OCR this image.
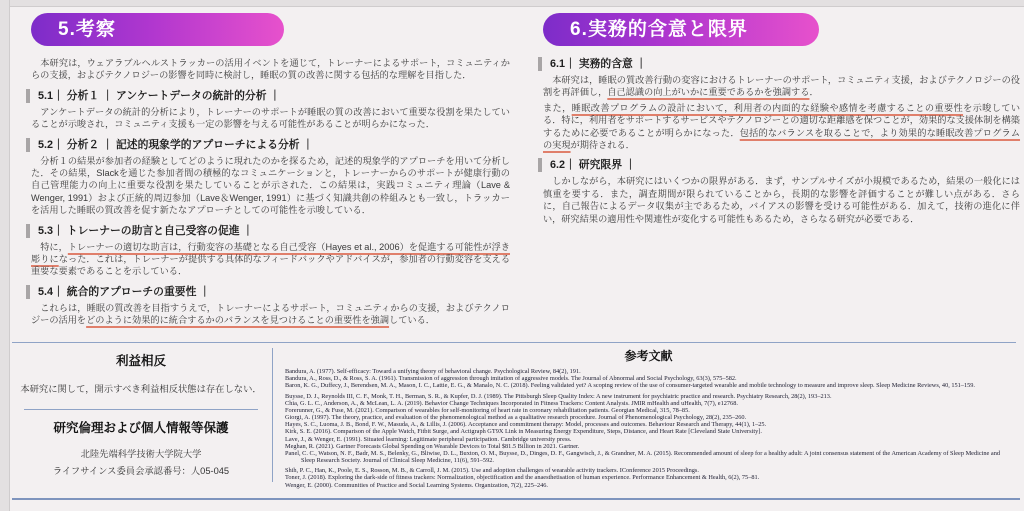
5.考察

　本研究は，ウェアラブルヘルストラッカーの活用イベントを通じて，トレーナーによるサポート，コミュニティからの支援，およびテクノロジーの影響を同時に検討し，睡眠の質の改善に関する包括的な理解を目指した．

5.1｜ 分析１ ｜ アンケートデータの統計的分析 ｜

　アンケートデータの統計的分析により，トレーナーのサポートが睡眠の質の改善において重要な役割を果たしていることが示唆され，コミュニティ支援も一定の影響を与える可能性があることが明らかになった．

5.2｜ 分析２ ｜ 記述的現象学的アプローチによる分析 ｜

　分析１の結果が参加者の経験としてどのように現れたのかを探るため，記述的現象学的アプローチを用いて分析した．その結果，Slackを通じた参加者間の積極的なコミュニケーションと，トレーナーからのサポートが健康行動の自己管理能力の向上に重要な役割を果たしていることが示された．この結果は，実践コミュニティ理論（Lave & Wenger, 1991）および正統的周辺参加（Lave＆Wenger, 1991）に基づく知識共創の枠組みとも一致し，トラッカーを活用した睡眠の質改善を促す新たなアプローチとしての可能性を示唆している．

5.3｜ トレーナーの助言と自己受容の促進 ｜

　特に，トレーナーの適切な助言は，行動変容の基礎となる自己受容（Hayes et al., 2006）を促進する可能性が浮き彫りになった．これは，トレーナーが提供する具体的なフィードバックやアドバイスが，参加者の行動変容を支える重要な要素であることを示している．

5.4｜ 統合的アプローチの重要性 ｜

　これらは，睡眠の質改善を目指すうえで，トレーナーによるサポート，コミュニティからの支援，およびテクノロジーの活用をどのように効果的に統合するかのバランスを見つけることの重要性を強調している．

6.実務的含意と限界
6.1｜ 実務的含意 ｜

　本研究は，睡眠の質改善行動の変容におけるトレーナーのサポート，コミュニティ支援，およびテクノロジーの役割を再評価し，自己認識の向上がいかに重要であるかを強調する．

また，睡眠改善プログラムの設計において，利用者の内面的な経験や感情を考慮することの重要性を示唆している．特に，利用者をサポートするサービスやテクノロジーとの適切な距離感を保つことが，効果的な支援体制を構築するために必要であることが明らかになった．包括的なバランスを取ることで，より効果的な睡眠改善プログラムの実現が期待される．

6.2｜ 研究限界 ｜

　しかしながら，本研究にはいくつかの限界がある．まず，サンプルサイズが小規模であるため，結果の一般化には慎重を要する．また，調査期間が限られていることから，長期的な影響を評価することが難しい点がある．さらに，自己報告によるデータ収集が主であるため，バイアスの影響を受ける可能性がある．加えて，技術の進化に伴い，研究結果の適用性や関連性が変化する可能性もあるため，さらなる研究が必要である．

利益相反

本研究に関して，開示すべき利益相反状態は存在しない．

研究倫理および個人情報等保護

北陸先端科学技術大学院大学

ライフサインス委員会承認番号：人05-045

参考文献
Bandura, A. (1977). Self-efficacy: Toward a unifying theory of behavioral change. Psychological Review, 84(2), 191.
Bandura, A., Ross, D., & Ross, S. A. (1961). Transmission of aggression through imitation of aggressive models. The Journal of Abnormal and Social Psychology, 63(3), 575–582.
Baron, K. G., Duffecy, J., Berendsen, M. A., Mason, I. C., Lattie, E. G., & Manalo, N. C. (2018). Feeling validated yet? A scoping review of the use of consumer-targeted wearable and mobile technology to measure and improve sleep. Sleep Medicine Reviews, 40, 151–159.
Buysse, D. J., Reynolds III, C. F., Monk, T. H., Berman, S. R., & Kupfer, D. J. (1989). The Pittsburgh Sleep Quality Index: A new instrument for psychiatric practice and research. Psychiatry Research, 28(2), 193–213.
Chia, G. L. C., Anderson, A., & McLean, L. A. (2019). Behavior Change Techniques Incorporated in Fitness Trackers: Content Analysis. JMIR mHealth and uHealth, 7(7), e12768.
Forerunner, G., & Fuse, M. (2021). Comparison of wearables for self-monitoring of heart rate in coronary rehabilitation patients. Georgian Medical, 315, 78–85.
Giorgi, A. (1997). The theory, practice, and evaluation of the phenomenological method as a qualitative research procedure. Journal of Phenomenological Psychology, 28(2), 235–260.
Hayes, S. C., Luoma, J. B., Bond, F. W., Masuda, A., & Lillis, J. (2006). Acceptance and commitment therapy: Model, processes and outcomes. Behaviour Research and Therapy, 44(1), 1–25.
Kirk, S. E. (2016). Comparison of the Apple Watch, Fitbit Surge, and Actigraph GT9X Link in Measuring Energy Expenditure, Steps, Distance, and Heart Rate [Cleveland State University].
Lave, J., & Wenger, E. (1991). Situated learning: Legitimate peripheral participation. Cambridge university press.
Meghan, R. (2021). Gartner Forecasts Global Spending on Wearable Devices to Total $81.5 Billion in 2021. Gartner.
Panel, C. C., Watson, N. F., Badr, M. S., Belenky, G., Bliwise, D. L., Buxton, O. M., Buysse, D., Dinges, D. F., Gangwisch, J., & Grandner, M. A. (2015). Recommended amount of sleep for a healthy adult: A joint consensus statement of the American Academy of Sleep Medicine and Sleep Research Society. Journal of Clinical Sleep Medicine, 11(6), 591–592.
Shih, P. C., Han, K., Poole, E. S., Rosson, M. B., & Carroll, J. M. (2015). Use and adoption challenges of wearable activity trackers. IConference 2015 Proceedings.
Toner, J. (2018). Exploring the dark-side of fitness trackers: Normalization, objectification and the anaesthetisation of human experience. Performance Enhancement & Health, 6(2), 75–81.
Wenger, E. (2000). Communities of Practice and Social Learning Systems. Organization, 7(2), 225–246.
